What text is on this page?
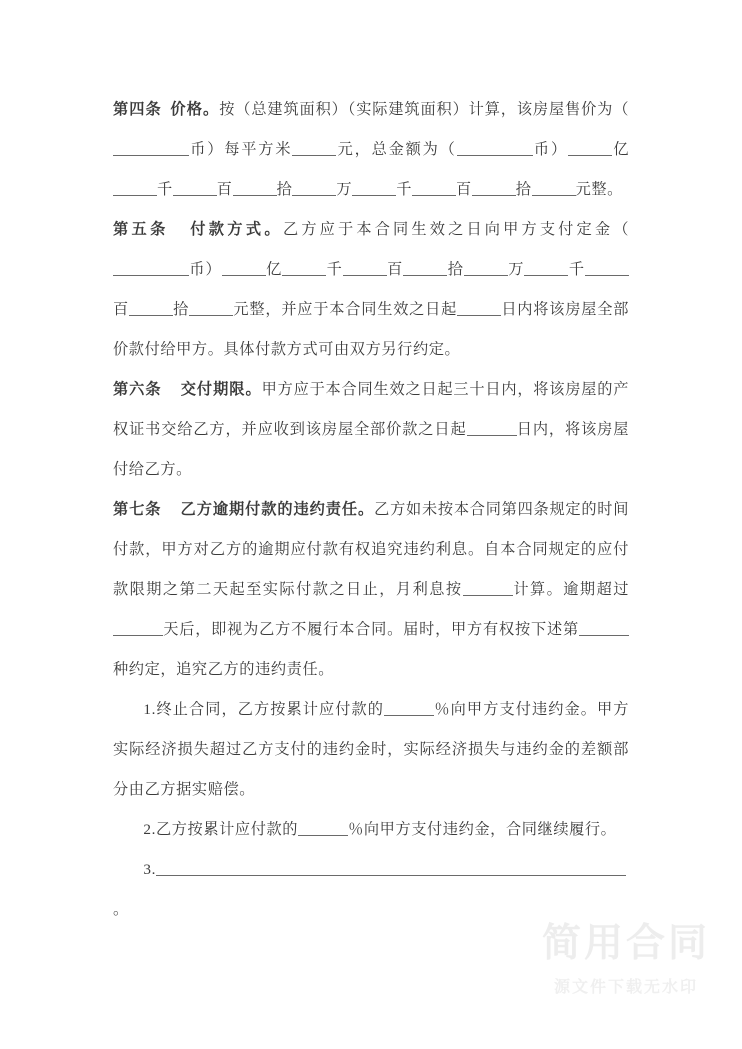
第四条 价格。按（总建筑面积）（实际建筑面积）计算，该房屋售价为（币）每平方米	元，总金额为（	币）	亿千	百	拾	万	千	百	拾	元整。

第五条 付款方式。乙方应于本合同生效之日向甲方支付定金（币）	亿	千	百	拾	万	千百	拾	元整，并应于本合同生效之日起	日内将该房屋全部价款付给甲方。具体付款方式可由双方另行约定。

第六条 交付期限。甲方应于本合同生效之日起三十日内，将该房屋的产权证书交给乙方，并应收到该房屋全部价款之日起	日内，将该房屋付给乙方。

第七条 乙方逾期付款的违约责任。乙方如未按本合同第四条规定的时间付款，甲方对乙方的逾期应付款有权追究违约利息。自本合同规定的应付款限期之第二天起至实际付款之日止，月利息按	计算。逾期超过天后，即视为乙方不履行本合同。届时，甲方有权按下述第种约定，追究乙方的违约责任。

1.终止合同，乙方按累计应付款的	％向甲方支付违约金。甲方实际经济损失超过乙方支付的违约金时，实际经济损失与违约金的差额部分由乙方据实赔偿。

2.乙方按累计应付款的	％向甲方支付违约金，合同继续履行。

3.。

简用合同
源文件下载无水印
